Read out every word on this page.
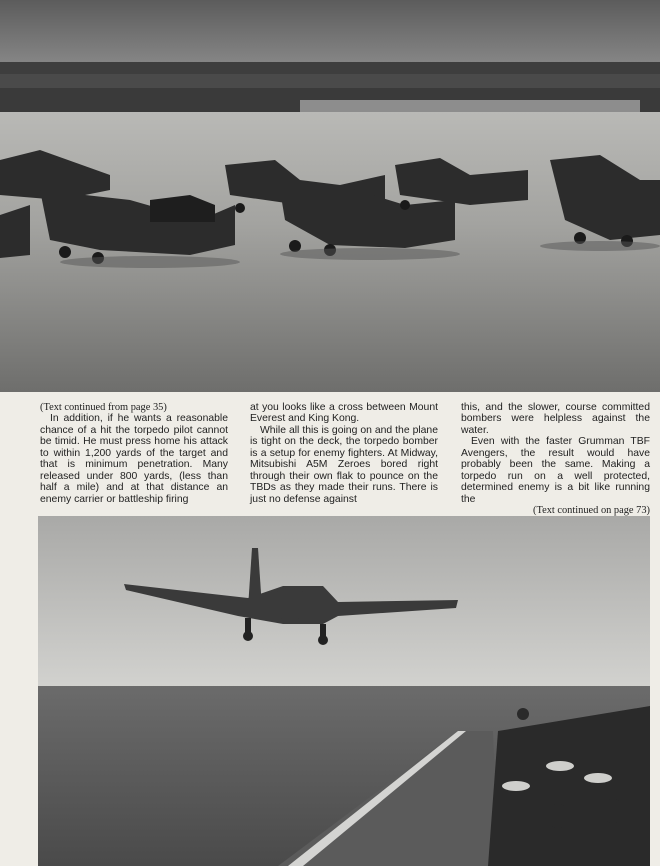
(Text continued from page 35)

In addition, if he wants a reasonable chance of a hit the torpedo pilot cannot be timid. He must press home his attack to within 1,200 yards of the target and that is minimum penetration. Many released under 800 yards, (less than half a mile) and at that distance an enemy carrier or battleship firing

at you looks like a cross between Mount Everest and King Kong.

While all this is going on and the plane is tight on the deck, the torpedo bomber is a setup for enemy fighters. At Midway, Mitsubishi A5M Zeroes bored right through their own flak to pounce on the TBDs as they made their runs. There is just no defense against

this, and the slower, course committed bombers were helpless against the water.

Even with the faster Grumman TBF Avengers, the result would have probably been the same. Making a torpedo run on a well protected, determined enemy is a bit like running the

(Text continued on page 73)
